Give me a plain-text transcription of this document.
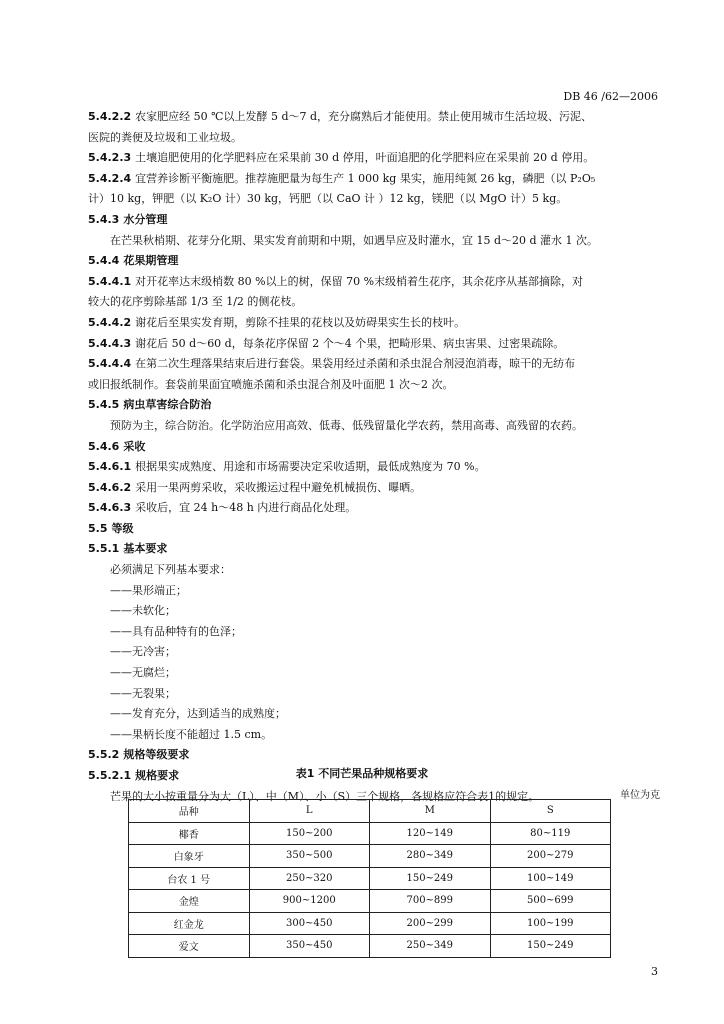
DB 46 /62—2006
5.4.2.2 农家肥应经 50 ℃以上发酵 5 d～7 d，充分腐熟后才能使用。禁止使用城市生活垃圾、污泥、
医院的粪便及垃圾和工业垃圾。
5.4.2.3 土壤追肥使用的化学肥料应在采果前 30 d 停用，叶面追肥的化学肥料应在采果前 20 d 停用。
5.4.2.4 宜营养诊断平衡施肥。推荐施肥量为每生产 1 000 kg 果实，施用纯氮 26 kg，磷肥（以 P₂O₅
计）10 kg，钾肥（以 K₂O 计）30 kg，钙肥（以 CaO 计 ）12 kg，镁肥（以 MgO 计）5 kg。
5.4.3 水分管理
在芒果秋梢期、花芽分化期、果实发育前期和中期，如遇旱应及时灌水，宜 15 d～20 d 灌水 1 次。
5.4.4 花果期管理
5.4.4.1 对开花率达末级梢数 80 %以上的树，保留 70 %末级梢着生花序，其余花序从基部摘除，对
较大的花序剪除基部 1/3 至 1/2 的侧花枝。
5.4.4.2 谢花后至果实发育期，剪除不挂果的花枝以及妨碍果实生长的枝叶。
5.4.4.3 谢花后 50 d～60 d，每条花序保留 2 个～4 个果，把畸形果、病虫害果、过密果疏除。
5.4.4.4 在第二次生理落果结束后进行套袋。果袋用经过杀菌和杀虫混合剂浸泡消毒，晾干的无纺布
或旧报纸制作。套袋前果面宜喷施杀菌和杀虫混合剂及叶面肥 1 次～2 次。
5.4.5 病虫草害综合防治
预防为主，综合防治。化学防治应用高效、低毒、低残留量化学农药，禁用高毒、高残留的农药。
5.4.6 采收
5.4.6.1 根据果实成熟度、用途和市场需要决定采收适期，最低成熟度为 70 %。
5.4.6.2 采用一果两剪采收，采收搬运过程中避免机械损伤、曝晒。
5.4.6.3 采收后，宜 24 h～48 h 内进行商品化处理。
5.5 等级
5.5.1 基本要求
必须满足下列基本要求：
——果形端正；
——未软化；
——具有品种特有的色泽；
——无冷害；
——无腐烂；
——无裂果；
——发育充分，达到适当的成熟度；
——果柄长度不能超过 1.5 cm。
5.5.2 规格等级要求
5.5.2.1 规格要求
芒果的大小按重量分为大（L）、中（M）、小（S）三个规格，各规格应符合表1的规定。
表1 不同芒果品种规格要求
单位为克
品种	L	M	S
椰香	150~200	120~149	80~119
白象牙	350~500	280~349	200~279
台农 1 号	250~320	150~249	100~149
金煌	900~1200	700~899	500~699
红金龙	300~450	200~299	100~199
爱文	350~450	250~349	150~249
3
